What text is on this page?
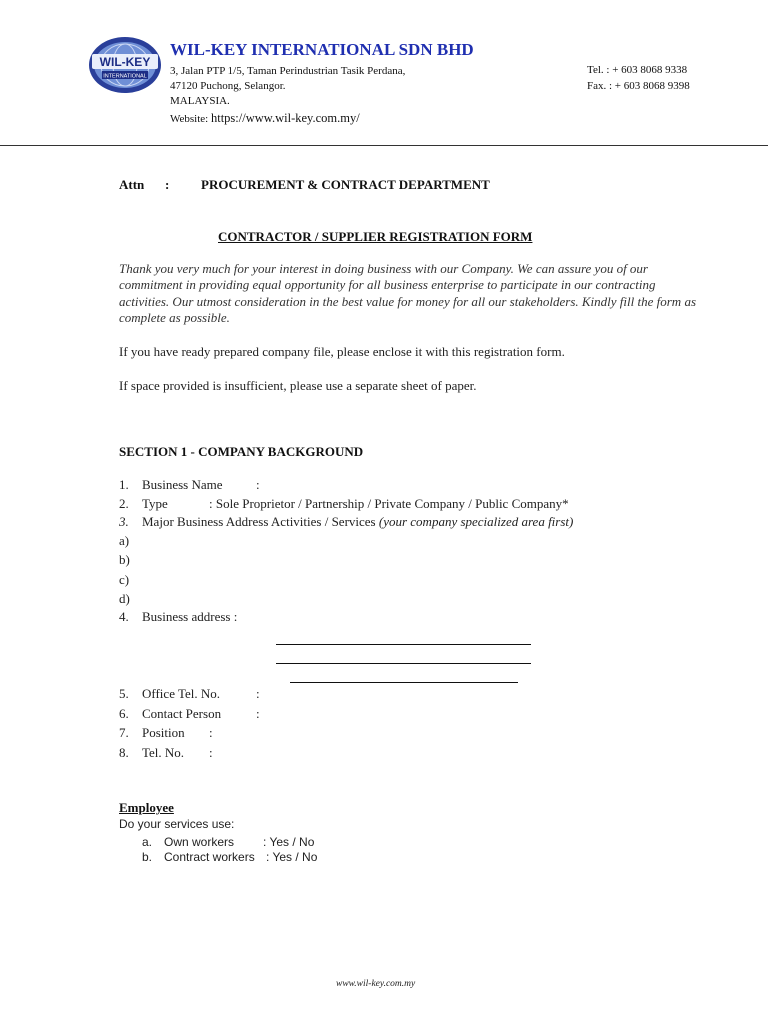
WIL-KEY
INTERNATIONAL
WIL-KEY INTERNATIONAL SDN BHD
3, Jalan PTP 1/5, Taman Perindustrian Tasik Perdana,
47120 Puchong, Selangor.
MALAYSIA.
Website: https://www.wil-key.com.my/
Tel. : + 603 8068 9338
Fax. : + 603 8068 9398
Attn : PROCUREMENT & CONTRACT DEPARTMENT
CONTRACTOR / SUPPLIER REGISTRATION FORM
Thank you very much for your interest in doing business with our Company. We can assure you of our commitment in providing equal opportunity for all business enterprise to participate in our contracting activities. Our utmost consideration in the best value for money for all our stakeholders. Kindly fill the form as complete as possible.
If you have ready prepared company file, please enclose it with this registration form.
If space provided is insufficient, please use a separate sheet of paper.
SECTION 1 - COMPANY BACKGROUND
1. Business Name	:
2. Type	: Sole Proprietor / Partnership / Private Company / Public Company*
3. Major Business Address Activities / Services (your company specialized area first)
a)
b)
c)
d)
4. Business address :
5. Office Tel. No.	:
6. Contact Person	:
7. Position :
8. Tel. No. :
Employee
Do your services use:
a. Own workers : Yes / No
b. Contract workers : Yes / No
www.wil-key.com.my
